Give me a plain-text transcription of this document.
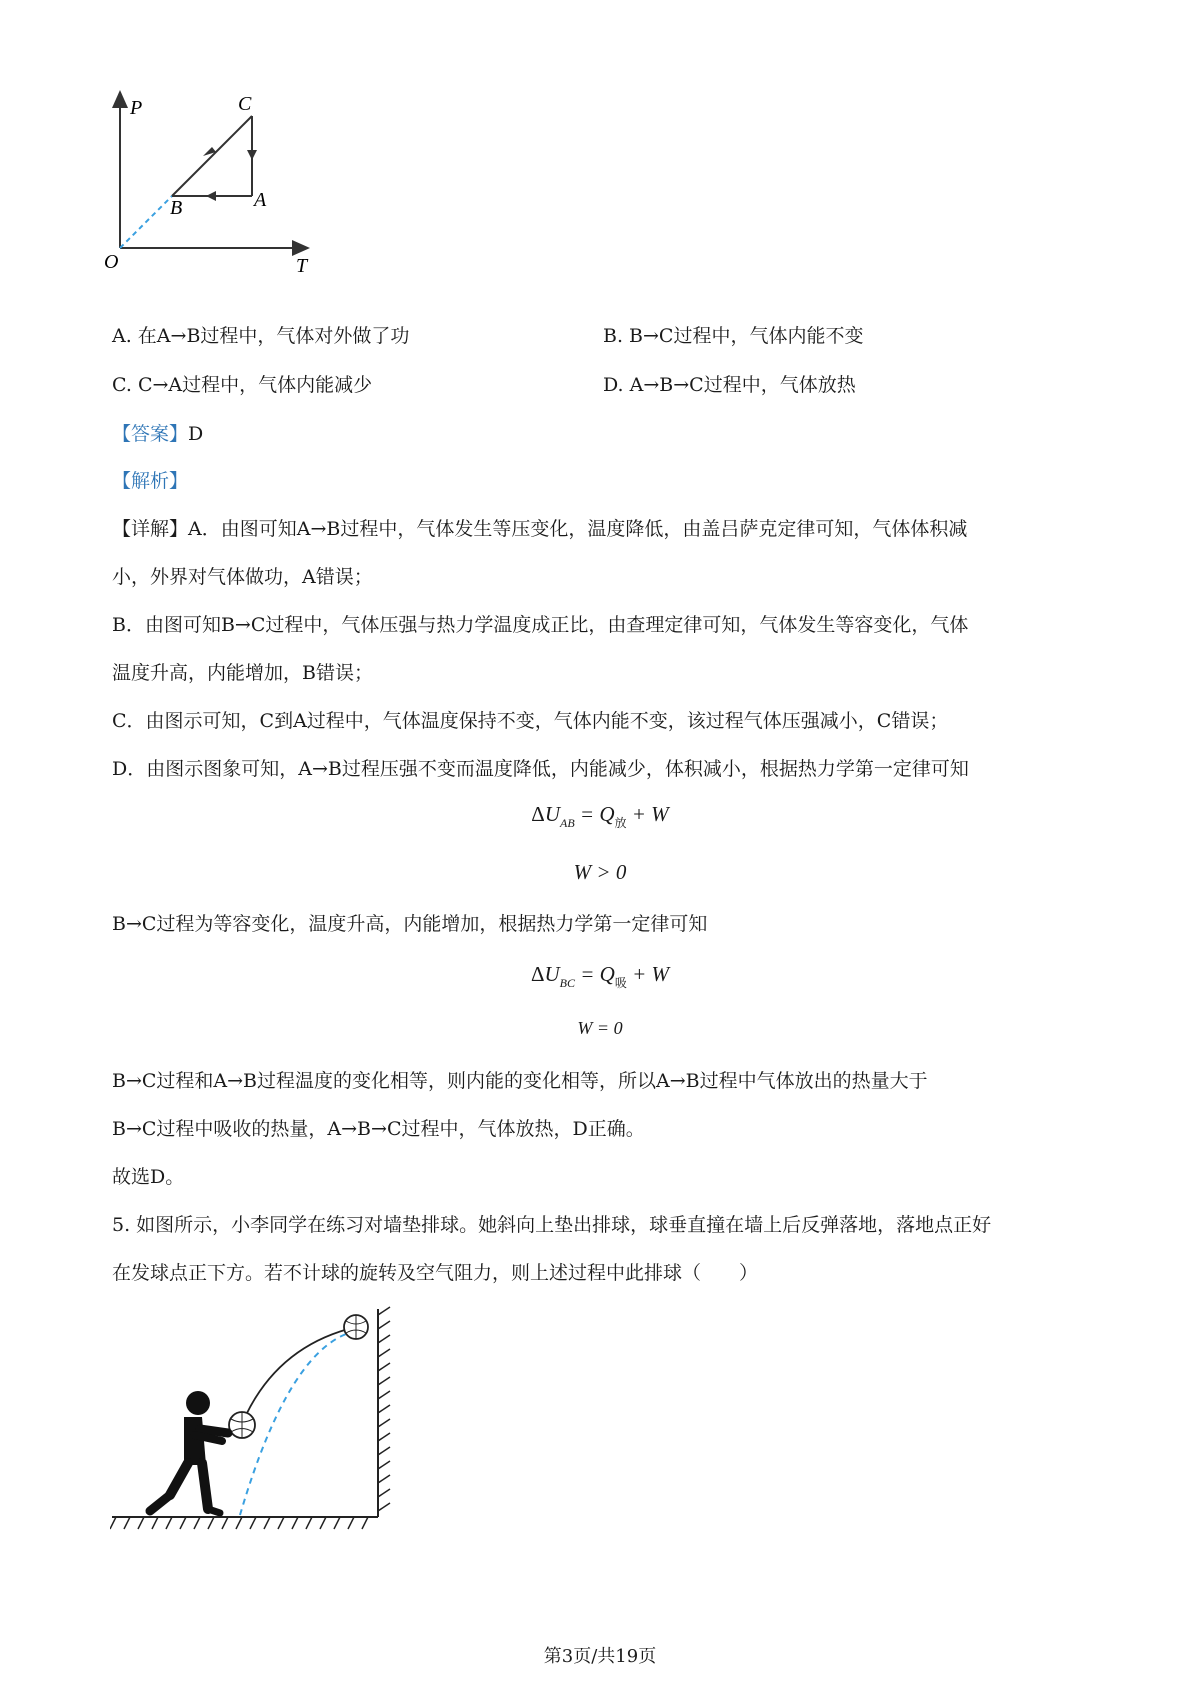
P
T
O
C
A
B
A. 在A→B过程中，气体对外做了功	B. B→C过程中，气体内能不变
C. C→A过程中，气体内能减少	D. A→B→C过程中，气体放热
【答案】D
【解析】
【详解】A．由图可知A→B过程中，气体发生等压变化，温度降低，由盖吕萨克定律可知，气体体积减
小，外界对气体做功，A错误；
B．由图可知B→C过程中，气体压强与热力学温度成正比，由查理定律可知，气体发生等容变化，气体
温度升高，内能增加，B错误；
C．由图示可知，C到A过程中，气体温度保持不变，气体内能不变，该过程气体压强减小，C错误；
D．由图示图象可知，A→B过程压强不变而温度降低，内能减少，体积减小，根据热力学第一定律可知
$\Delta U_{AB} = Q_放 + W$
W > 0
B→C过程为等容变化，温度升高，内能增加，根据热力学第一定律可知
$\Delta U_{BC} = Q_吸 + W$
W = 0
B→C过程和A→B过程温度的变化相等，则内能的变化相等，所以A→B过程中气体放出的热量大于
B→C过程中吸收的热量，A→B→C过程中，气体放热，D正确。
故选D。
5. 如图所示，小李同学在练习对墙垫排球。她斜向上垫出排球，球垂直撞在墙上后反弹落地，落地点正好
在发球点正下方。若不计球的旋转及空气阻力，则上述过程中此排球（　　）
第3页/共19页
